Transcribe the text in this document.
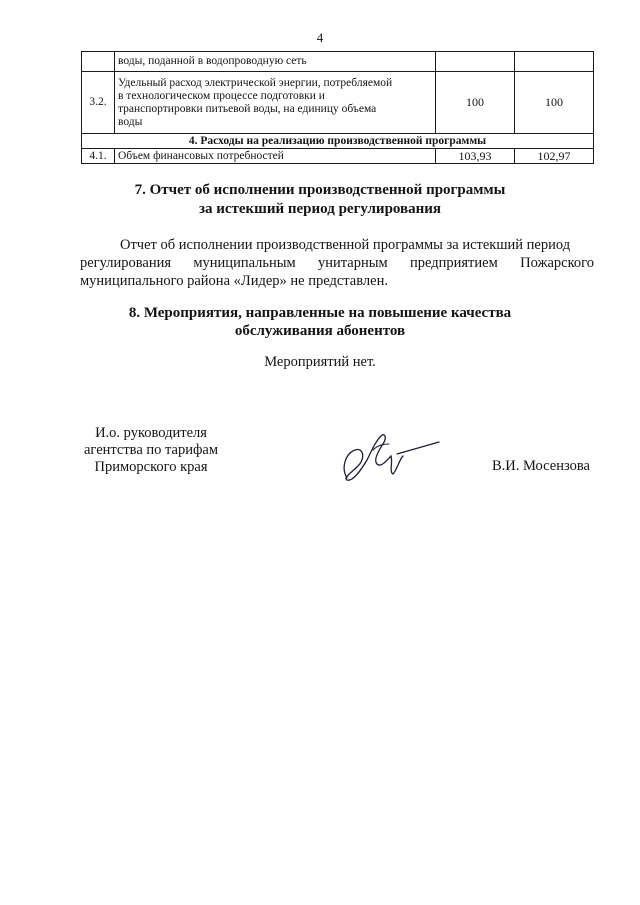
4
	воды, поданной в водопроводную сеть		
3.2.	Удельный расход электрической энергии, потребляемой
в технологическом процессе подготовки и
транспортировки питьевой воды, на единицу объема
воды	100	100
4. Расходы на реализацию производственной программы			
4.1.	Объем финансовых потребностей	103,93	102,97
7. Отчет об исполнении производственной программы
за истекший период регулирования
Отчет об исполнении производственной программы за истекший период
регулирования муниципальным унитарным предприятием Пожарского
муниципального района «Лидер» не представлен.
8. Мероприятия, направленные на повышение качества
обслуживания абонентов
Мероприятий нет.
И.о. руководителя
агентства по тарифам
Приморского края	В.И. Мосензова
